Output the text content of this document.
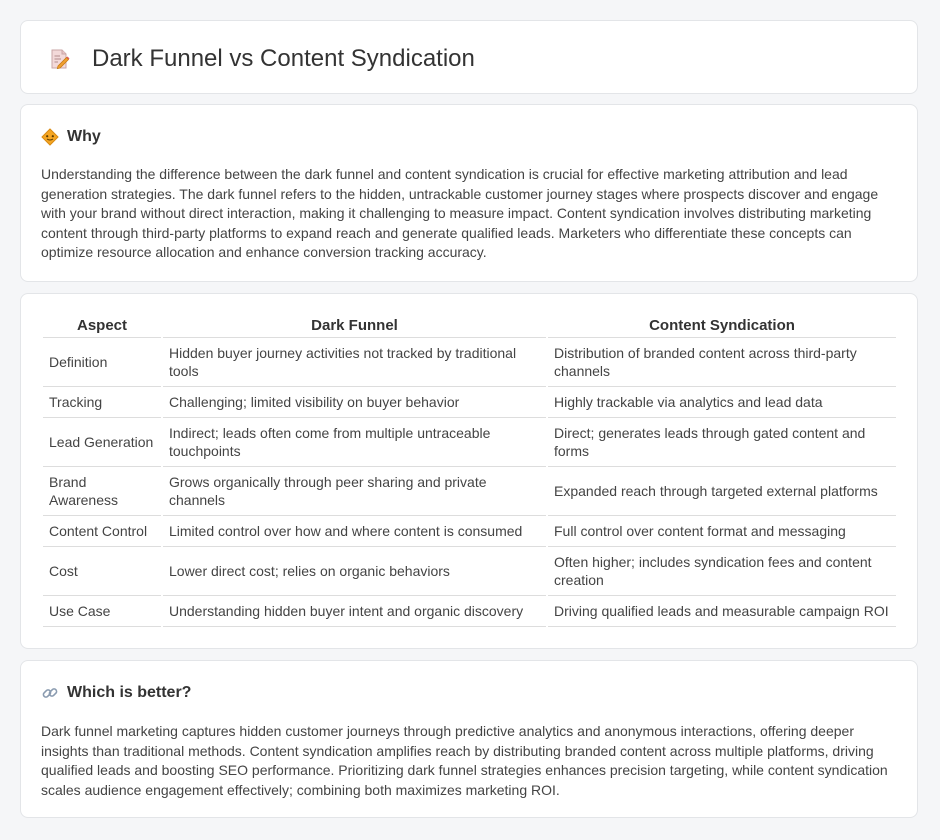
Dark Funnel vs Content Syndication
Why

Understanding the difference between the dark funnel and content syndication is crucial for effective marketing attribution and lead generation strategies. The dark funnel refers to the hidden, untrackable customer journey stages where prospects discover and engage with your brand without direct interaction, making it challenging to measure impact. Content syndication involves distributing marketing content through third-party platforms to expand reach and generate qualified leads. Marketers who differentiate these concepts can optimize resource allocation and enhance conversion tracking accuracy.

Aspect	Dark Funnel	Content Syndication
Definition	Hidden buyer journey activities not tracked by traditional tools	Distribution of branded content across third-party channels
Tracking	Challenging; limited visibility on buyer behavior	Highly trackable via analytics and lead data
Lead Generation	Indirect; leads often come from multiple untraceable touchpoints	Direct; generates leads through gated content and forms
Brand Awareness	Grows organically through peer sharing and private channels	Expanded reach through targeted external platforms
Content Control	Limited control over how and where content is consumed	Full control over content format and messaging
Cost	Lower direct cost; relies on organic behaviors	Often higher; includes syndication fees and content creation
Use Case	Understanding hidden buyer intent and organic discovery	Driving qualified leads and measurable campaign ROI
Which is better?

Dark funnel marketing captures hidden customer journeys through predictive analytics and anonymous interactions, offering deeper insights than traditional methods. Content syndication amplifies reach by distributing branded content across multiple platforms, driving qualified leads and boosting SEO performance. Prioritizing dark funnel strategies enhances precision targeting, while content syndication scales audience engagement effectively; combining both maximizes marketing ROI.
